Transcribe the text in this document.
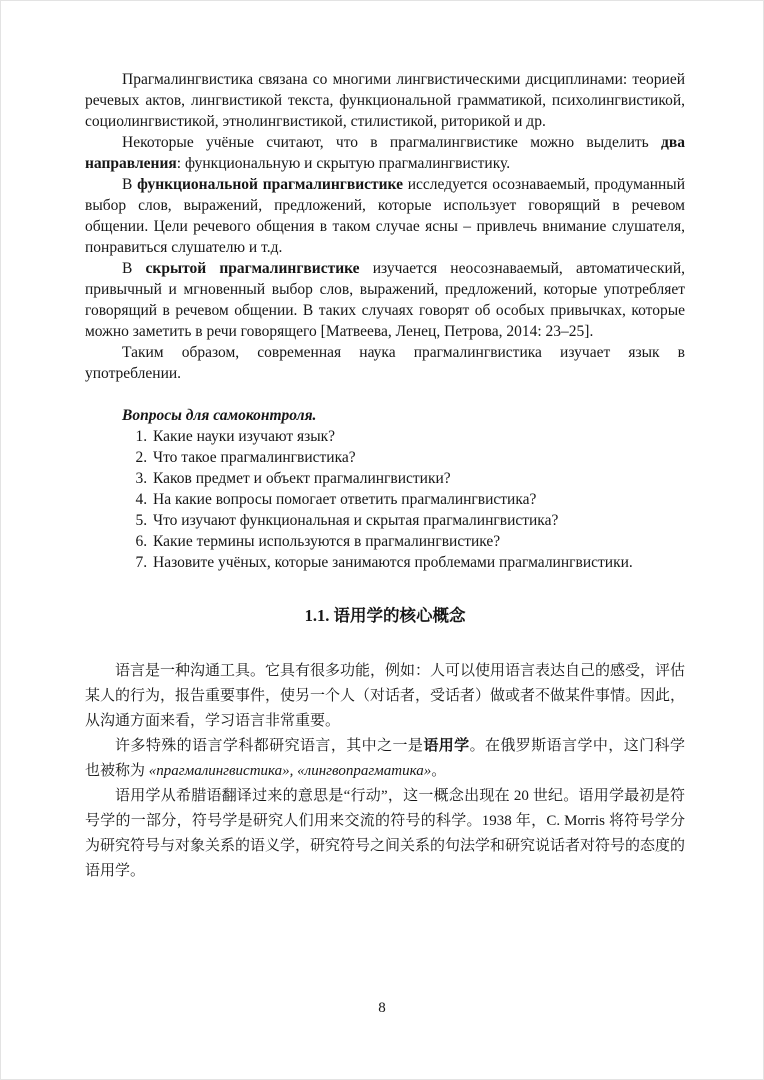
Прагмалингвистика связана со многими лингвистическими дисциплинами: теорией речевых актов, лингвистикой текста, функциональной грамматикой, психолингвистикой, социолингвистикой, этнолингвистикой, стилистикой, риторикой и др.

Некоторые учёные считают, что в прагмалингвистике можно выделить два направления: функциональную и скрытую прагмалингвистику.

В функциональной прагмалингвистике исследуется осознаваемый, продуманный выбор слов, выражений, предложений, которые использует говорящий в речевом общении. Цели речевого общения в таком случае ясны – привлечь внимание слушателя, понравиться слушателю и т.д.

В скрытой прагмалингвистике изучается неосознаваемый, автоматический, привычный и мгновенный выбор слов, выражений, предложений, которые употребляет говорящий в речевом общении. В таких случаях говорят об особых привычках, которые можно заметить в речи говорящего [Матвеева, Ленец, Петрова, 2014: 23–25].

Таким образом, современная наука прагмалингвистика изучает язык в употреблении.

Вопросы для самоконтроля.

1. Какие науки изучают язык?
2. Что такое прагмалингвистика?
3. Каков предмет и объект прагмалингвистики?
4. На какие вопросы помогает ответить прагмалингвистика?
5. Что изучают функциональная и скрытая прагмалингвистика?
6. Какие термины используются в прагмалингвистике?
7. Назовите учёных, которые занимаются проблемами прагмалингвистики.
1.1. 语用学的核心概念

语言是一种沟通工具。它具有很多功能，例如：人可以使用语言表达自己的感受，评估某人的行为，报告重要事件，使另一个人（对话者，受话者）做或者不做某件事情。因此，从沟通方面来看，学习语言非常重要。

许多特殊的语言学科都研究语言，其中之一是语用学。在俄罗斯语言学中，这门科学也被称为 «прагмалингвистика», «лингвопрагматика»。

语用学从希腊语翻译过来的意思是“行动”，这一概念出现在 20 世纪。语用学最初是符号学的一部分，符号学是研究人们用来交流的符号的科学。1938 年，C. Morris 将符号学分为研究符号与对象关系的语义学，研究符号之间关系的句法学和研究说话者对符号的态度的语用学。

8
